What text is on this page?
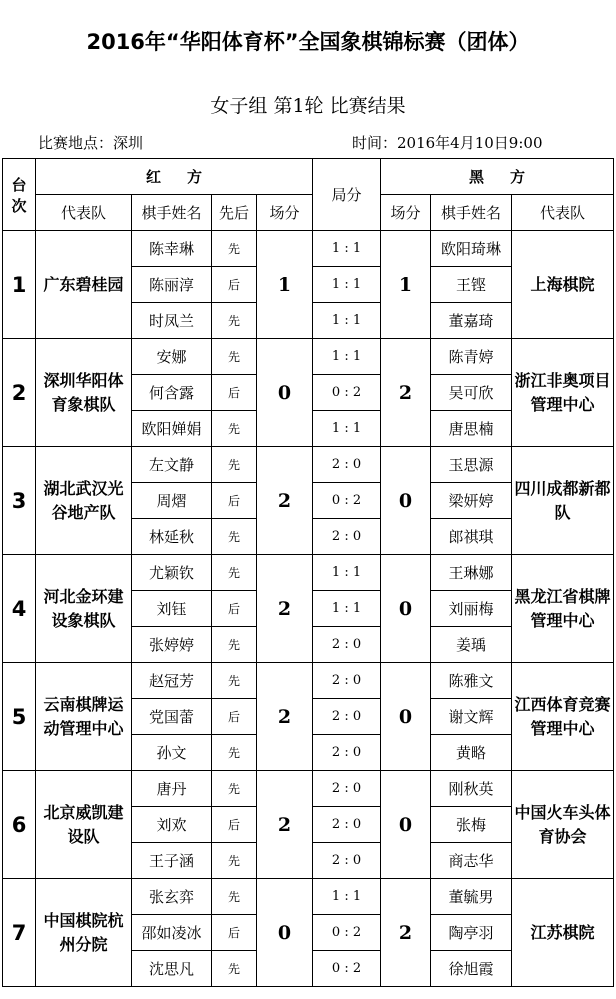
2016年“华阳体育杯”全国象棋锦标赛（团体）
女子组 第1轮 比赛结果
比赛地点：深圳	时间：2016年4月10日9:00
台
次	红方				局分	黑方		
	代表队	棋手姓名	先后	场分		场分	棋手姓名	代表队
1	广东碧桂园	陈幸琳	先	1	1 : 1	1	欧阳琦琳	上海棋院
		陈丽淳	后		1 : 1		王铿	
		时凤兰	先		1 : 1		董嘉琦	
2	深圳华阳体育象棋队	安娜	先	0	1 : 1	2	陈青婷	浙江非奥项目管理中心
		何含露	后		0 : 2		吴可欣	
		欧阳婵娟	先		1 : 1		唐思楠	
3	湖北武汉光谷地产队	左文静	先	2	2 : 0	0	玉思源	四川成都新都队
		周熠	后		0 : 2		梁妍婷	
		林延秋	先		2 : 0		郎祺琪	
4	河北金环建设象棋队	尤颖钦	先	2	1 : 1	0	王琳娜	黑龙江省棋牌管理中心
		刘钰	后		1 : 1		刘丽梅	
		张婷婷	先		2 : 0		姜瑀	
5	云南棋牌运动管理中心	赵冠芳	先	2	2 : 0	0	陈雅文	江西体育竞赛管理中心
		党国蕾	后		2 : 0		谢文辉	
		孙文	先		2 : 0		黄略	
6	北京威凯建设队	唐丹	先	2	2 : 0	0	刚秋英	中国火车头体育协会
		刘欢	后		2 : 0		张梅	
		王子涵	先		2 : 0		商志华	
7	中国棋院杭州分院	张玄弈	先	0	1 : 1	2	董毓男	江苏棋院
		邵如凌冰	后		0 : 2		陶亭羽	
		沈思凡	先		0 : 2		徐旭霞	
